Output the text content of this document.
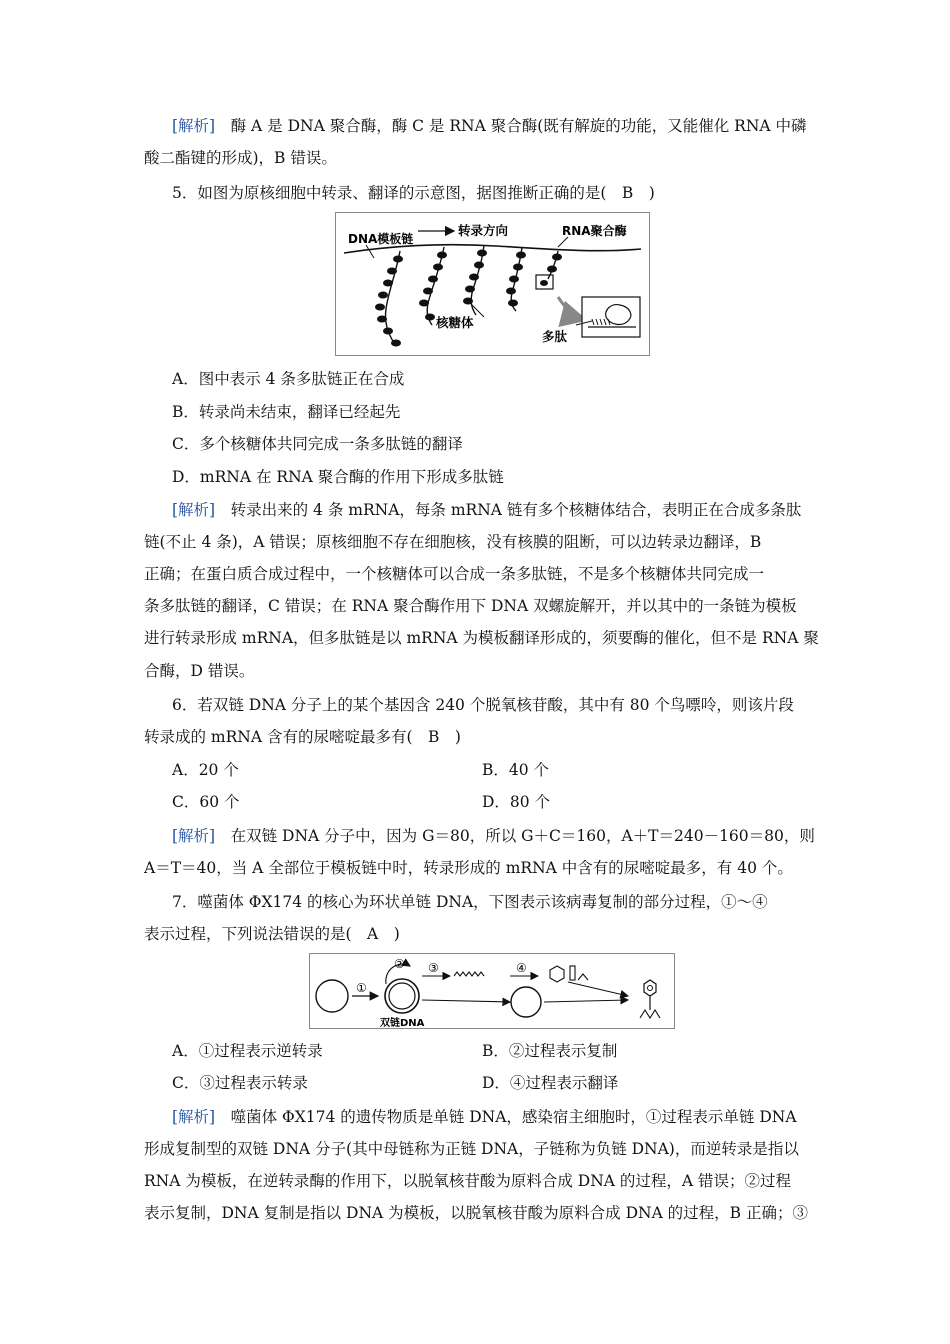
[解析]　 酶 A 是 DNA 聚合酶，酶 C 是 RNA 聚合酶(既有解旋的功能，又能催化 RNA 中磷
酸二酯键的形成)，B 错误。
5．如图为原核细胞中转录、翻译的示意图，据图推断正确的是(　B　)
转录方向
DNA模板链
RNA聚合酶
核糖体
多肽
A．图中表示 4 条多肽链正在合成
B．转录尚未结束，翻译已经起先
C．多个核糖体共同完成一条多肽链的翻译
D．mRNA 在 RNA 聚合酶的作用下形成多肽链
[解析]　 转录出来的 4 条 mRNA，每条 mRNA 链有多个核糖体结合，表明正在合成多条肽
链(不止 4 条)，A 错误；原核细胞不存在细胞核，没有核膜的阻断，可以边转录边翻译，B
正确；在蛋白质合成过程中，一个核糖体可以合成一条多肽链，不是多个核糖体共同完成一
条多肽链的翻译，C 错误；在 RNA 聚合酶作用下 DNA 双螺旋解开，并以其中的一条链为模板
进行转录形成 mRNA，但多肽链是以 mRNA 为模板翻译形成的，须要酶的催化，但不是 RNA 聚
合酶，D 错误。
6．若双链 DNA 分子上的某个基因含 240 个脱氧核苷酸，其中有 80 个鸟嘌呤，则该片段
转录成的 mRNA 含有的尿嘧啶最多有(　B　)
A．20 个	B．40 个
C．60 个	D．80 个
[解析]　 在双链 DNA 分子中，因为 G＝80，所以 G＋C＝160，A＋T＝240－160＝80，则
A＝T＝40，当 A 全部位于模板链中时，转录形成的 mRNA 中含有的尿嘧啶最多，有 40 个。
7．噬菌体 ΦX174 的核心为环状单链 DNA，下图表示该病毒复制的部分过程，①～④
表示过程，下列说法错误的是(　A　)
①
②
双链DNA
③	④
A．①过程表示逆转录	B．②过程表示复制
C．③过程表示转录	D．④过程表示翻译
[解析]　 噬菌体 ΦX174 的遗传物质是单链 DNA，感染宿主细胞时，①过程表示单链 DNA
形成复制型的双链 DNA 分子(其中母链称为正链 DNA，子链称为负链 DNA)，而逆转录是指以
RNA 为模板，在逆转录酶的作用下，以脱氧核苷酸为原料合成 DNA 的过程，A 错误；②过程
表示复制，DNA 复制是指以 DNA 为模板，以脱氧核苷酸为原料合成 DNA 的过程，B 正确；③
